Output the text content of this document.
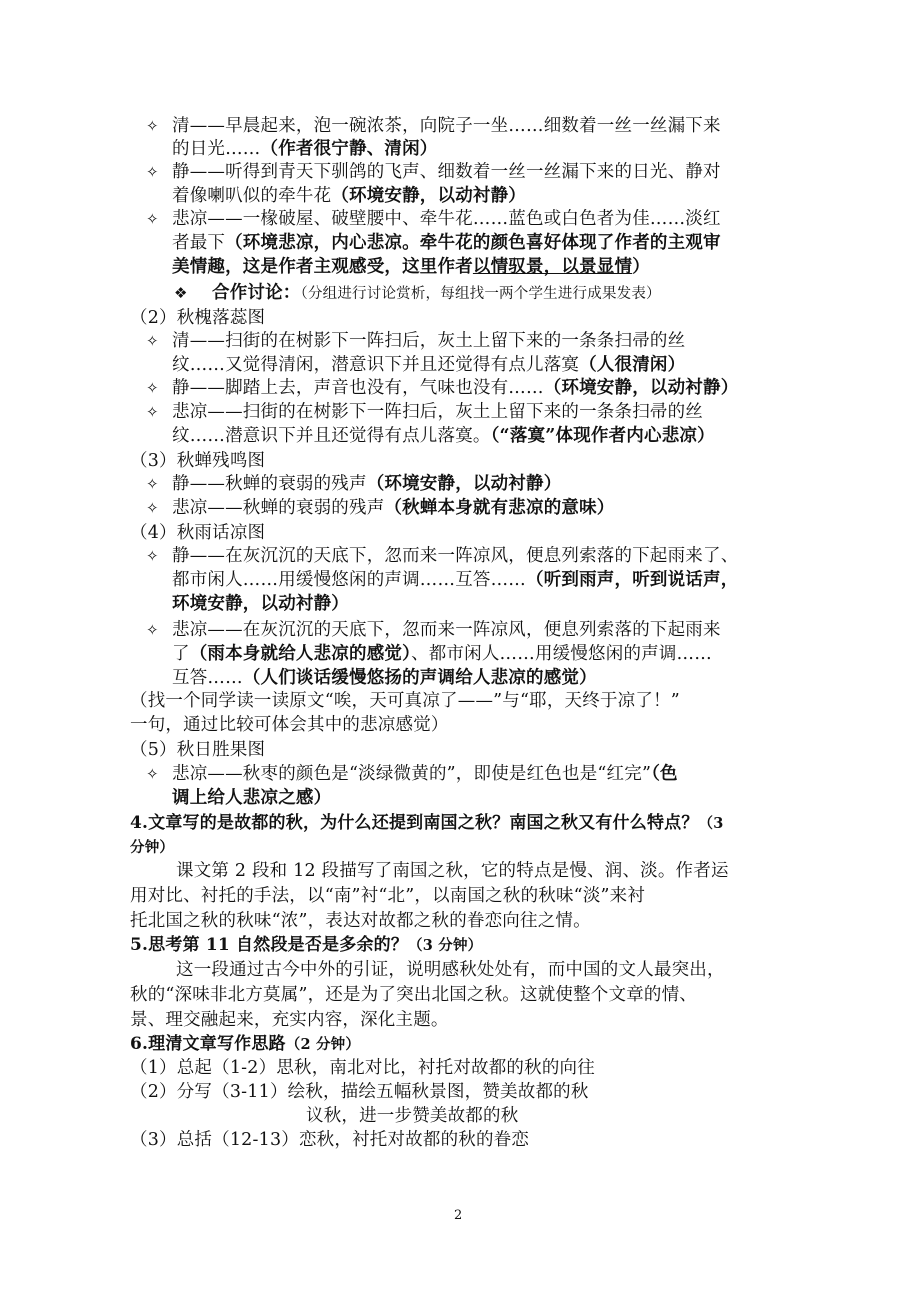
✧ 清——早晨起来，泡一碗浓茶，向院子一坐……细数着一丝一丝漏下来
的日光……（作者很宁静、清闲）
✧ 静——听得到青天下驯鸽的飞声、细数着一丝一丝漏下来的日光、静对
着像喇叭似的牵牛花（环境安静，以动衬静）
✧ 悲凉——一椽破屋、破壁腰中、牵牛花……蓝色或白色者为佳……淡红
者最下（环境悲凉，内心悲凉。牵牛花的颜色喜好体现了作者的主观审
美情趣，这是作者主观感受，这里作者以情驭景，以景显情）
❖　 合作讨论：（分组进行讨论赏析，每组找一两个学生进行成果发表）
（2）秋槐落蕊图
✧ 清——扫街的在树影下一阵扫后，灰土上留下来的一条条扫帚的丝
纹……又觉得清闲，潜意识下并且还觉得有点儿落寞（人很清闲）
✧ 静——脚踏上去，声音也没有，气味也没有……（环境安静，以动衬静）
✧ 悲凉——扫街的在树影下一阵扫后，灰土上留下来的一条条扫帚的丝
纹……潜意识下并且还觉得有点儿落寞。（“落寞”体现作者内心悲凉）
（3）秋蝉残鸣图
✧ 静——秋蝉的衰弱的残声（环境安静，以动衬静）
✧ 悲凉——秋蝉的衰弱的残声（秋蝉本身就有悲凉的意味）
（4）秋雨话凉图
✧ 静——在灰沉沉的天底下，忽而来一阵凉风，便息列索落的下起雨来了、
都市闲人……用缓慢悠闲的声调……互答……（听到雨声，听到说话声，
环境安静，以动衬静）
✧ 悲凉——在灰沉沉的天底下，忽而来一阵凉风，便息列索落的下起雨来
了（雨本身就给人悲凉的感觉）、都市闲人……用缓慢悠闲的声调……
互答……（人们谈话缓慢悠扬的声调给人悲凉的感觉）
（找一个同学读一读原文“唉，天可真凉了——”与“耶，天终于凉了！”
一句，通过比较可体会其中的悲凉感觉）
（5）秋日胜果图
✧ 悲凉——秋枣的颜色是“淡绿微黄的”，即使是红色也是“红完”（色
调上给人悲凉之感）
4.文章写的是故都的秋，为什么还提到南国之秋？南国之秋又有什么特点？（3
分钟）
课文第 2 段和 12 段描写了南国之秋，它的特点是慢、润、淡。作者运
用对比、衬托的手法，以“南”衬“北”，以南国之秋的秋味“淡”来衬
托北国之秋的秋味“浓”，表达对故都之秋的眷恋向往之情。
5.思考第 11 自然段是否是多余的？（3 分钟）
这一段通过古今中外的引证，说明感秋处处有，而中国的文人最突出，
秋的“深味非北方莫属”，还是为了突出北国之秋。这就使整个文章的情、
景、理交融起来，充实内容，深化主题。
6.理清文章写作思路（2 分钟）
（1）总起（1-2）思秋，南北对比，衬托对故都的秋的向往
（2）分写（3-11）绘秋，描绘五幅秋景图，赞美故都的秋
议秋，进一步赞美故都的秋
（3）总括（12-13）恋秋，衬托对故都的秋的眷恋
2
